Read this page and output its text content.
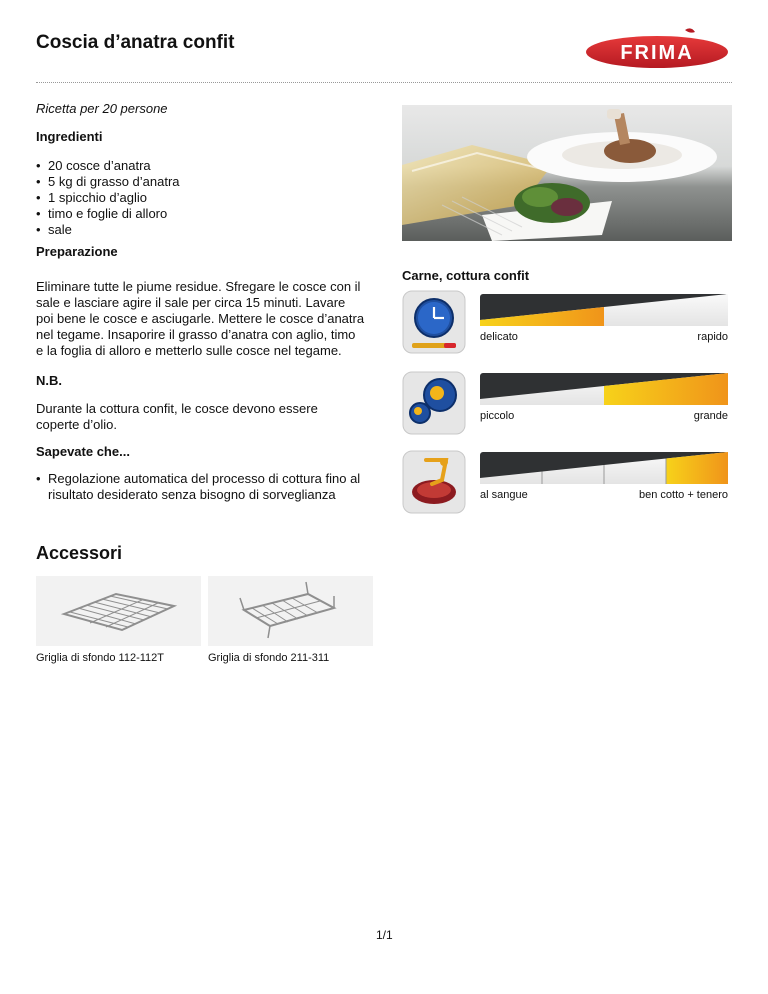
Coscia d’anatra confit	FRIMA
Ricetta per 20 persone
Ingredienti
• 20 cosce d’anatra
• 5 kg di grasso d’anatra
• 1 spicchio d’aglio
• timo e foglie di alloro
• sale
Preparazione
Eliminare tutte le piume residue. Sfregare le cosce con il sale e lasciare agire il sale per circa 15 minuti. Lavare poi bene le cosce e asciugarle. Mettere le cosce d’anatra nel tegame. Insaporire il grasso d’anatra con aglio, timo e la foglia di alloro e metterlo sulle cosce nel tegame.
N.B.
Durante la cottura confit, le cosce devono essere coperte d’olio.
Sapevate che...
• Regolazione automatica del processo di cottura fino al risultato desiderato senza bisogno di sorveglianza
Carne, cottura confit
delicato	rapido
piccolo	grande
al sangue	ben cotto + tenero
Accessori
Griglia di sfondo 112-112T	Griglia di sfondo 211-311
1/1
